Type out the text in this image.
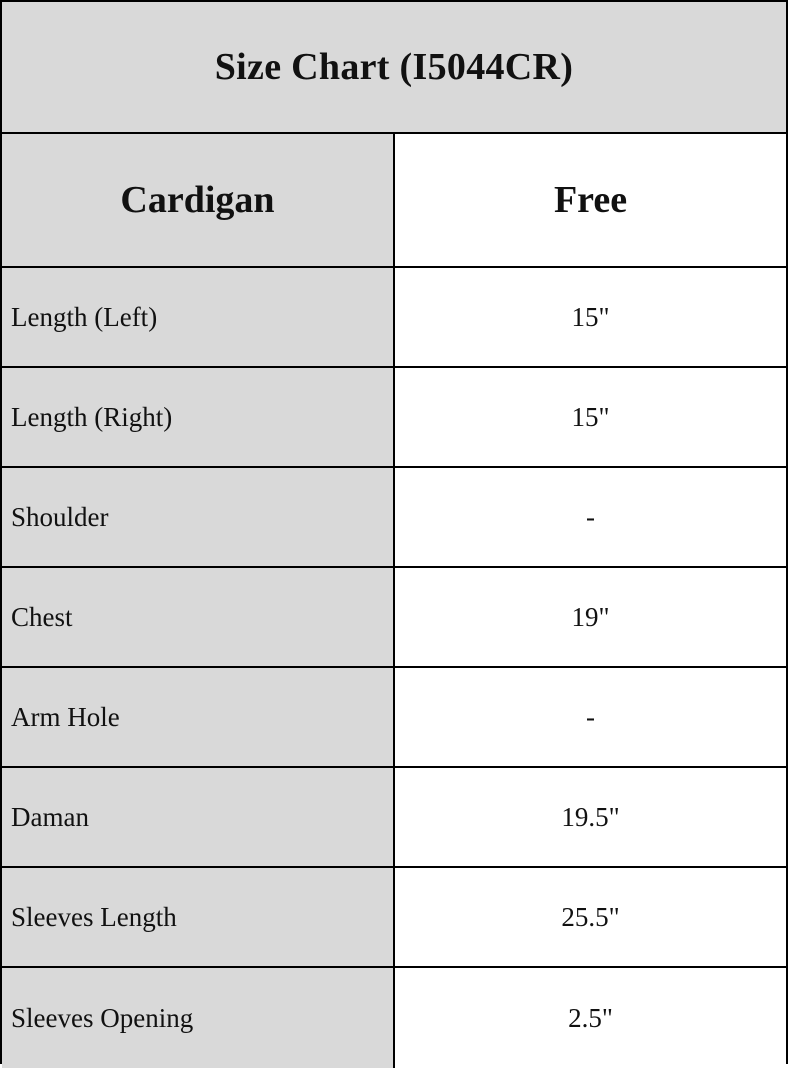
Size Chart (I5044CR)
Cardigan	Free
Length (Left)	15"
Length (Right)	15"
Shoulder	-
Chest	19"
Arm Hole	-
Daman	19.5"
Sleeves Length	25.5"
Sleeves Opening	2.5"
